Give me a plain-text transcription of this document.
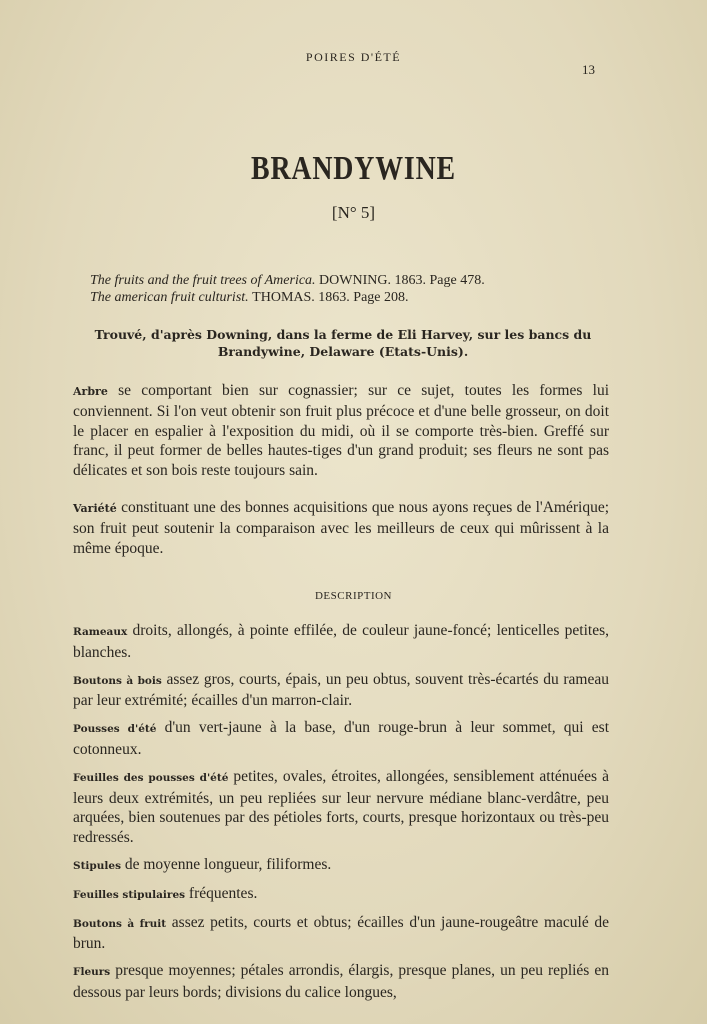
POIRES D'ÉTÉ
13
BRANDYWINE
[N° 5]
The fruits and the fruit trees of America. DOWNING. 1863. Page 478.
The american fruit culturist. THOMAS. 1863. Page 208.
Trouvé, d'après Downing, dans la ferme de Eli Harvey, sur les bancs du Brandywine, Delaware (Etats-Unis).
Arbre se comportant bien sur cognassier; sur ce sujet, toutes les formes lui conviennent. Si l'on veut obtenir son fruit plus précoce et d'une belle grosseur, on doit le placer en espalier à l'exposition du midi, où il se comporte très-bien. Greffé sur franc, il peut former de belles hautes-tiges d'un grand produit; ses fleurs ne sont pas délicates et son bois reste toujours sain.
Variété constituant une des bonnes acquisitions que nous ayons reçues de l'Amérique; son fruit peut soutenir la comparaison avec les meilleurs de ceux qui mûrissent à la même époque.
DESCRIPTION

Rameaux droits, allongés, à pointe effilée, de couleur jaune-foncé; lenticelles petites, blanches.

Boutons à bois assez gros, courts, épais, un peu obtus, souvent très-écartés du rameau par leur extrémité; écailles d'un marron-clair.

Pousses d'été d'un vert-jaune à la base, d'un rouge-brun à leur sommet, qui est cotonneux.

Feuilles des pousses d'été petites, ovales, étroites, allongées, sensiblement atténuées à leurs deux extrémités, un peu repliées sur leur nervure médiane blanc-verdâtre, peu arquées, bien soutenues par des pétioles forts, courts, presque horizontaux ou très-peu redressés.

Stipules de moyenne longueur, filiformes.

Feuilles stipulaires fréquentes.

Boutons à fruit assez petits, courts et obtus; écailles d'un jaune-rougeâtre maculé de brun.

Fleurs presque moyennes; pétales arrondis, élargis, presque planes, un peu repliés en dessous par leurs bords; divisions du calice longues,
